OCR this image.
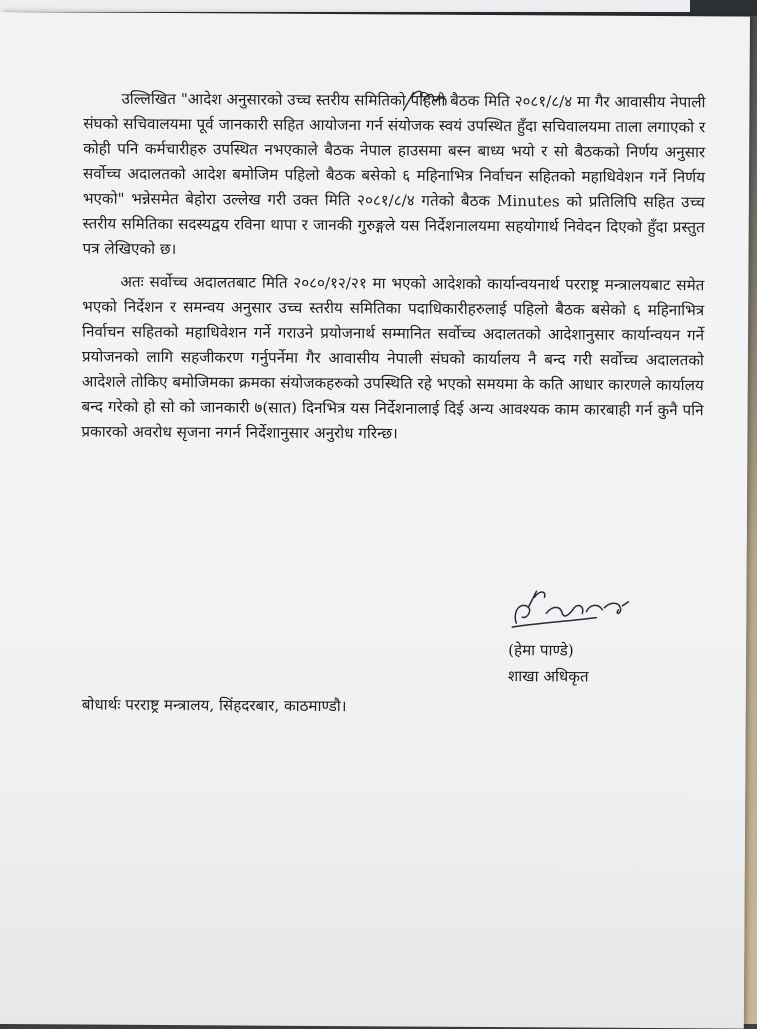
उल्लिखित "आदेश अनुसारको उच्च स्तरीय समितिको पहिलो बैठक मिति २०८१/८/४ मा गैर आवासीय नेपाली संघको सचिवालयमा पूर्व जानकारी सहित आयोजना गर्न संयोजक स्वयं उपस्थित हुँदा सचिवालयमा ताला लगाएको र कोही पनि कर्मचारीहरु उपस्थित नभएकाले बैठक नेपाल हाउसमा बस्न बाध्य भयो र सो बैठकको निर्णय अनुसार सर्वोच्च अदालतको आदेश बमोजिम पहिलो बैठक बसेको ६ महिनाभित्र निर्वाचन सहितको महाधिवेशन गर्ने निर्णय भएको" भन्नेसमेत बेहोरा उल्लेख गरी उक्त मिति २०८१/८/४ गतेको बैठक Minutes को प्रतिलिपि सहित उच्च स्तरीय समितिका सदस्यद्वय रविना थापा र जानकी गुरुङ्गले यस निर्देशनालयमा सहयोगार्थ निवेदन दिएको हुँदा प्रस्तुत पत्र लेखिएको छ।

अतः सर्वोच्च अदालतबाट मिति २०८०/१२/२१ मा भएको आदेशको कार्यान्वयनार्थ परराष्ट्र मन्त्रालयबाट समेत भएको निर्देशन र समन्वय अनुसार उच्च स्तरीय समितिका पदाधिकारीहरुलाई पहिलो बैठक बसेको ६ महिनाभित्र निर्वाचन सहितको महाधिवेशन गर्ने गराउने प्रयोजनार्थ सम्मानित सर्वोच्च अदालतको आदेशानुसार कार्यान्वयन गर्ने प्रयोजनको लागि सहजीकरण गर्नुपर्नेमा गैर आवासीय नेपाली संघको कार्यालय नै बन्द गरी सर्वोच्च अदालतको आदेशले तोकिए बमोजिमका क्रमका संयोजकहरुको उपस्थिति रहे भएको समयमा के कति आधार कारणले कार्यालय बन्द गरेको हो सो को जानकारी ७(सात) दिनभित्र यस निर्देशनालाई दिई अन्य आवश्यक काम कारबाही गर्न कुनै पनि प्रकारको अवरोध सृजना नगर्न निर्देशानुसार अनुरोध गरिन्छ।

(हेमा पाण्डे)
शाखा अधिकृत
बोधार्थः परराष्ट्र मन्त्रालय, सिंहदरबार, काठमाण्डौ।
